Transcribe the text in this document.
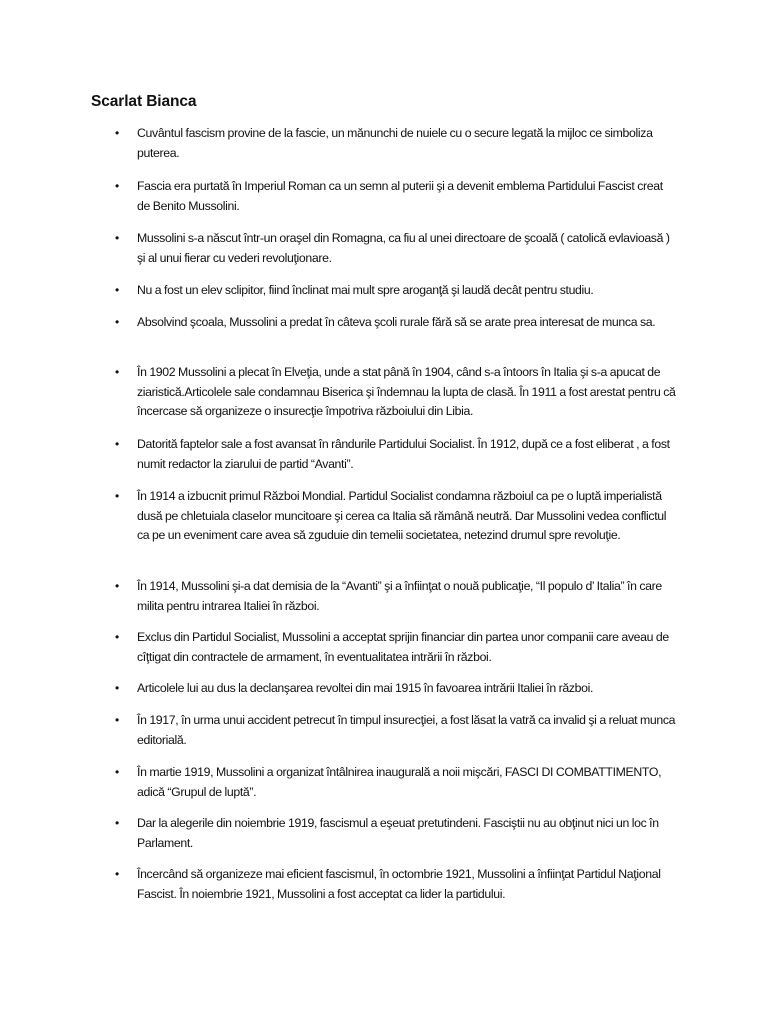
Scarlat Bianca
• Cuvântul fascism provine de la fascie, un mănunchi de nuiele cu o secure legată la mijloc ce simboliza puterea.
• Fascia era purtată în Imperiul Roman ca un semn al puterii şi a devenit emblema Partidului Fascist creat de Benito Mussolini.
• Mussolini s-a născut într-un oraşel din Romagna, ca fiu al unei directoare de şcoală ( catolică evlavioasă ) şi al unui fierar cu vederi revoluţionare.
• Nu a fost un elev sclipitor, fiind înclinat mai mult spre aroganţă şi laudă decât pentru studiu.
• Absolvind şcoala, Mussolini a predat în câteva şcoli rurale fără să se arate prea interesat de munca sa.
• În 1902 Mussolini a plecat în Elveţia, unde a stat până în 1904, când s-a întoors în Italia şi s-a apucat de ziaristică.Articolele sale condamnau Biserica şi îndemnau la lupta de clasă. În 1911 a fost arestat pentru că încercase să organizeze o insurecţie împotriva războiului din Libia.
• Datorită faptelor sale a fost avansat în rândurile Partidului Socialist. În 1912, după ce a fost eliberat , a fost numit redactor la ziarului de partid “Avanti”.
• În 1914 a izbucnit primul Război Mondial. Partidul Socialist condamna războiul ca pe o luptă imperialistă dusă pe chletuiala claselor muncitoare şi cerea ca Italia să rămână neutră. Dar Mussolini vedea conflictul ca pe un eveniment care avea să zguduie din temelii societatea, netezind drumul spre revoluţie.
• În 1914, Mussolini şi-a dat demisia de la “Avanti” şi a înfiinţat o nouă publicaţie, “Il populo d’ Italia” în care milita pentru intrarea Italiei în război.
• Exclus din Partidul Socialist, Mussolini a acceptat sprijin financiar din partea unor companii care aveau de cîţtigat din contractele de armament, în eventualitatea intrării în război.
• Articolele lui au dus la declanşarea revoltei din mai 1915 în favoarea intrării Italiei în război.
• În 1917, în urma unui accident petrecut în timpul insurecţiei, a fost lăsat la vatră ca invalid şi a reluat munca editorială.
• În martie 1919, Mussolini a organizat întâlnirea inaugurală a noii mişcări, FASCI DI COMBATTIMENTO, adică “Grupul de luptă”.
• Dar la alegerile din noiembrie 1919, fascismul a eşeuat pretutindeni. Fasciştii nu au obţinut nici un loc în Parlament.
• Încercând să organizeze mai eficient fascismul, în octombrie 1921, Mussolini a înfiinţat Partidul Naţional Fascist. În noiembrie 1921, Mussolini a fost acceptat ca lider la partidului.
